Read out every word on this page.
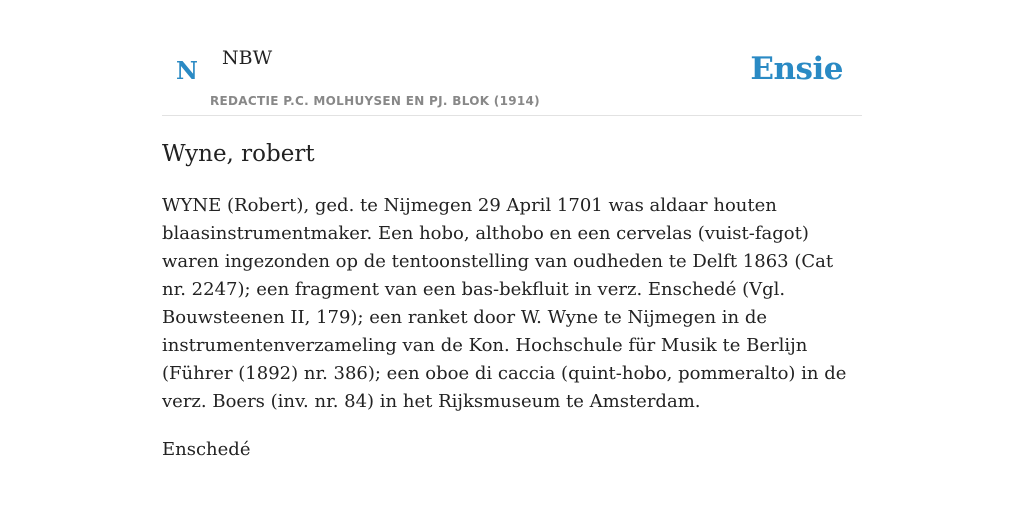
N NBW	Ensie
REDACTIE P.C. MOLHUYSEN EN PJ. BLOK (1914)
Wyne, robert

WYNE (Robert), ged. te Nijmegen 29 April 1701 was aldaar houten blaasinstrumentmaker. Een hobo, althobo en een cervelas (vuist-fagot) waren ingezonden op de tentoonstelling van oudheden te Delft 1863 (Cat nr. 2247); een fragment van een bas-bekfluit in verz. Enschedé (Vgl. Bouwsteenen II, 179); een ranket door W. Wyne te Nijmegen in de instrumentenverzameling van de Kon. Hochschule für Musik te Berlijn (Führer (1892) nr. 386); een oboe di caccia (quint-hobo, pommeralto) in de verz. Boers (inv. nr. 84) in het Rijksmuseum te Amsterdam.

Enschedé
